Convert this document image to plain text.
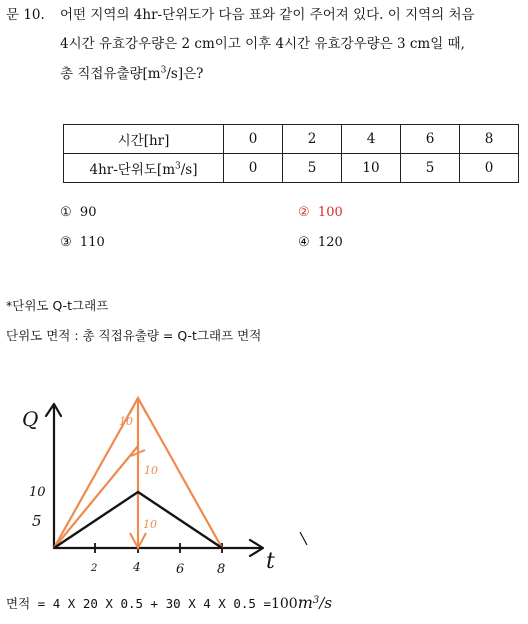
문 10. 어떤 지역의 4hr-단위도가 다음 표와 같이 주어져 있다. 이 지역의 처음
4시간 유효강우량은 2 cm이고 이후 4시간 유효강우량은 3 cm일 때,
총 직접유출량$[m^3/s]$은?
시간[hr]	0	2	4	6	8
4hr-단위도$[m^3/s]$	0	5	10	5	0
① 90	② 100
③ 110	④ 120
*단위도 Q-t그래프
단위도 면적 : 총 직접유출량 = Q-t그래프 면적
Q
t
10
5
2	4	6	8
10
10
10
면적 = 4 X 20 X 0.5 + 30 X 4 X $0.5 =100m^3/s$
